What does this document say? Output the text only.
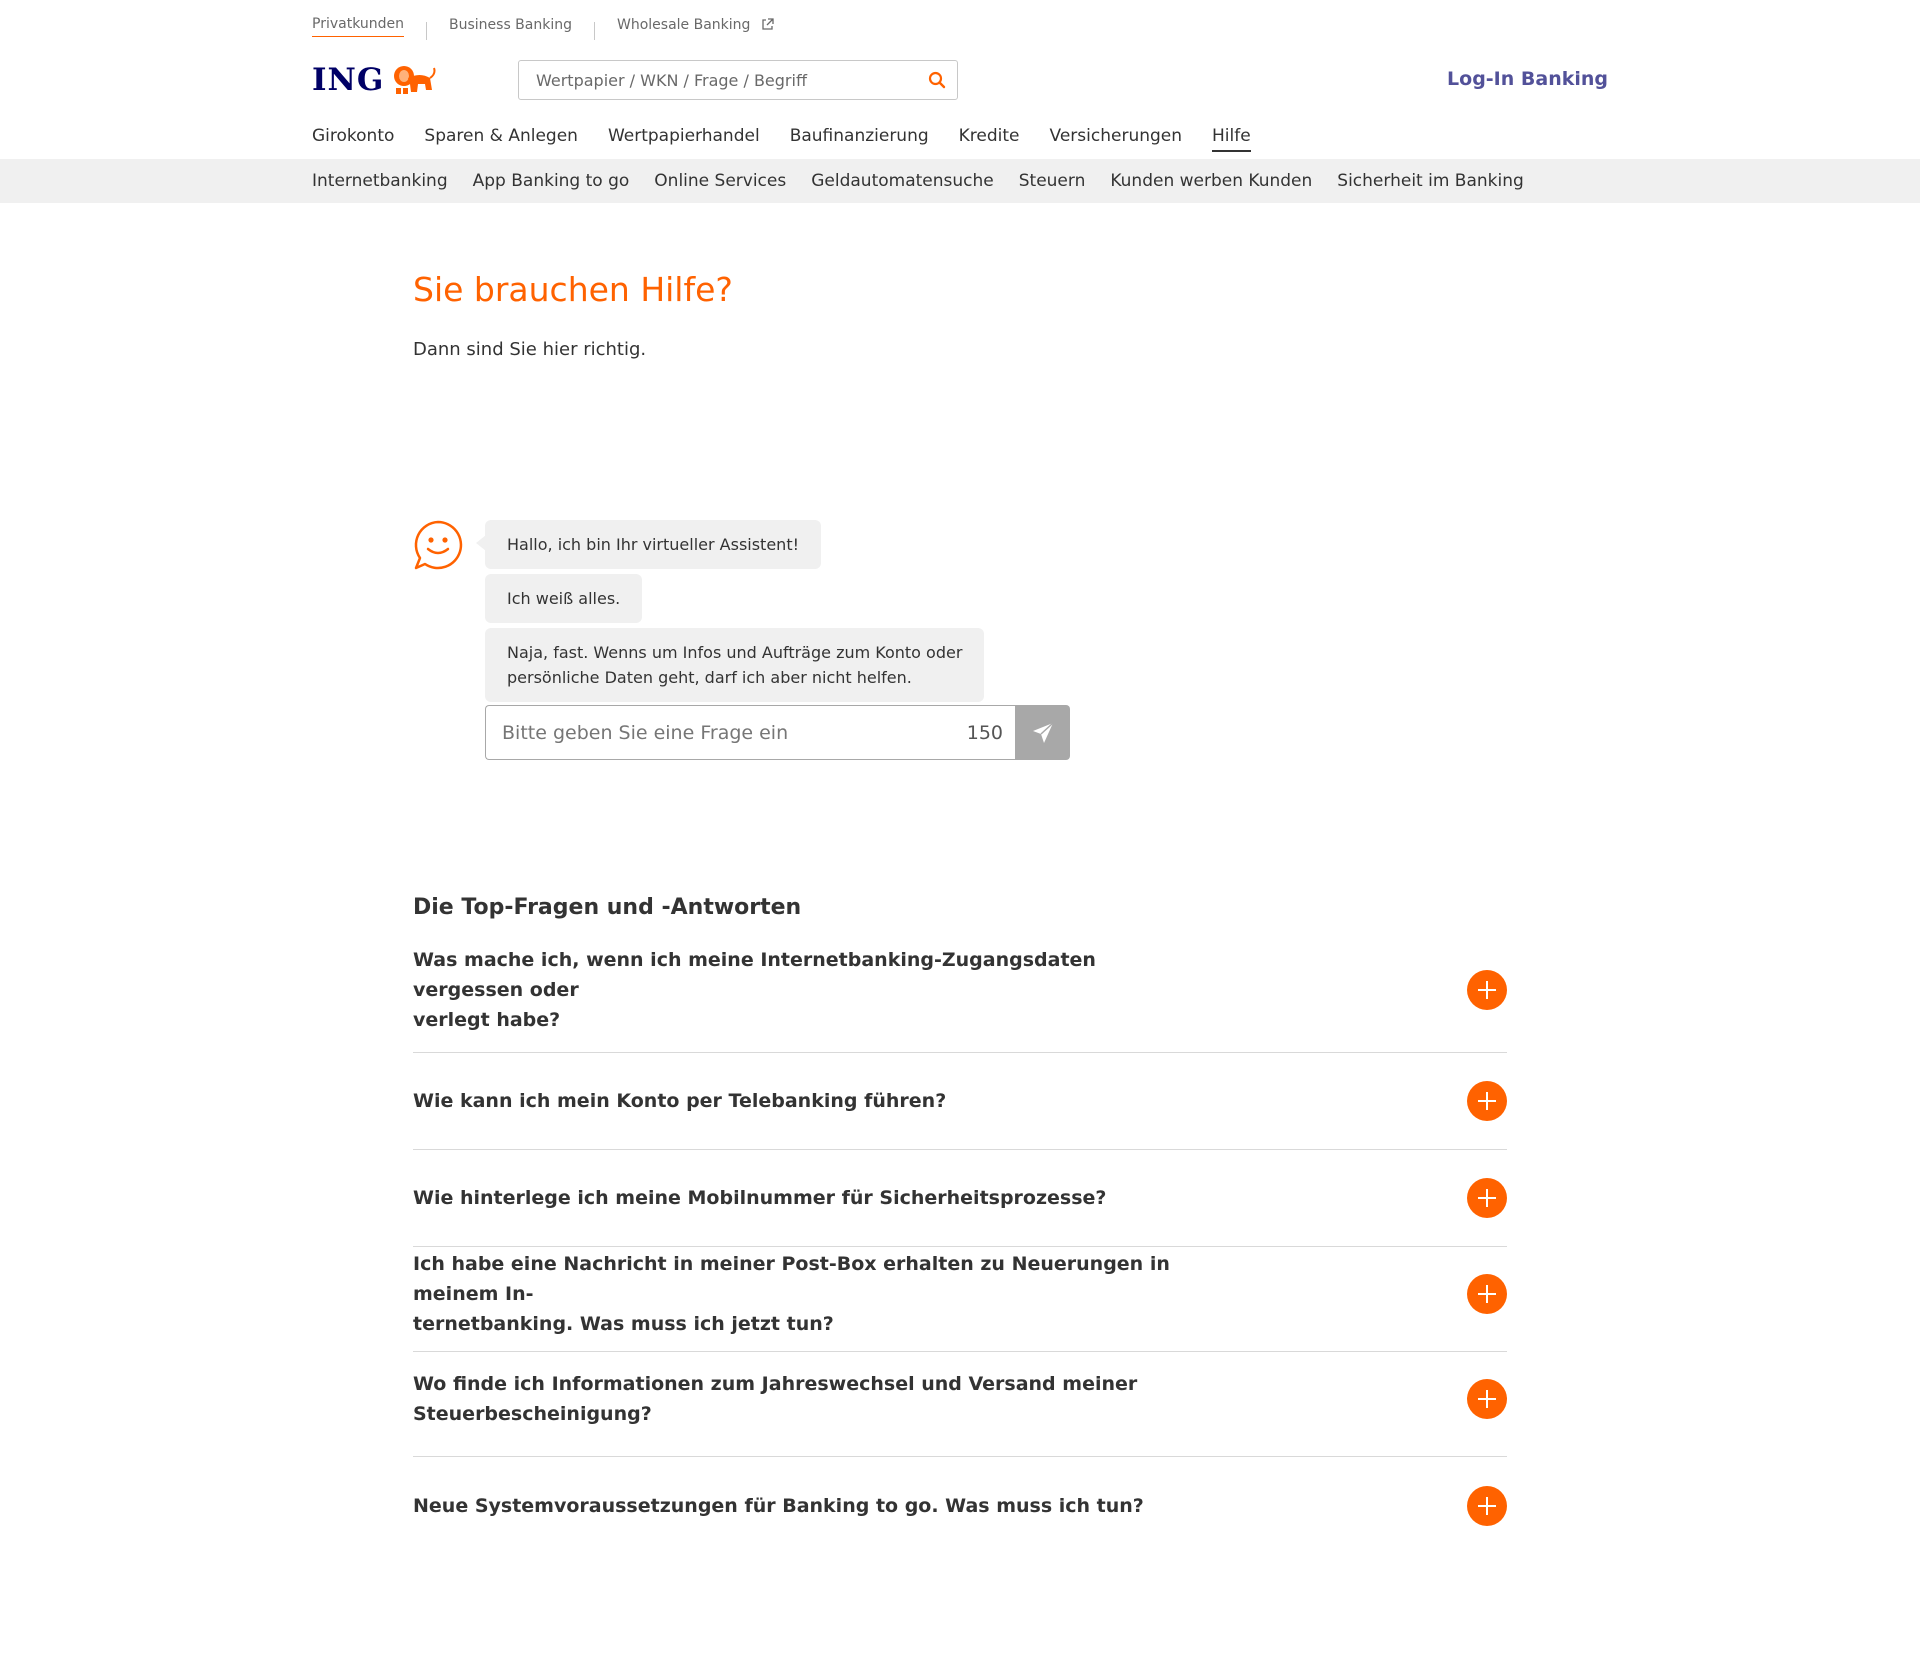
Privatkunden	Business Banking	Wholesale Banking
ING
Wertpapier / WKN / Frage / Begriff	Log-In Banking
Girokonto Sparen & Anlegen Wertpapierhandel Baufinanzierung Kredite Versicherungen Hilfe
Internetbanking App Banking to go Online Services Geldautomatensuche Steuern Kunden werben Kunden Sicherheit im Banking
Sie brauchen Hilfe?

Dann sind Sie hier richtig.

Hallo, ich bin Ihr virtueller Assistent!
Ich weiß alles.
Naja, fast. Wenns um Infos und Aufträge zum Konto oder
persönliche Daten geht, darf ich aber nicht helfen.
Bitte geben Sie eine Frage ein
150
Die Top-Fragen und -Antworten
Was mache ich, wenn ich meine Internetbanking-Zugangsdaten vergessen oder
verlegt habe?
Wie kann ich mein Konto per Telebanking führen?
Wie hinterlege ich meine Mobilnummer für Sicherheitsprozesse?
Ich habe eine Nachricht in meiner Post-Box erhalten zu Neuerungen in meinem In-
ternetbanking. Was muss ich jetzt tun?
Wo finde ich Informationen zum Jahreswechsel und Versand meiner
Steuerbescheinigung?
Neue Systemvoraussetzungen für Banking to go. Was muss ich tun?
